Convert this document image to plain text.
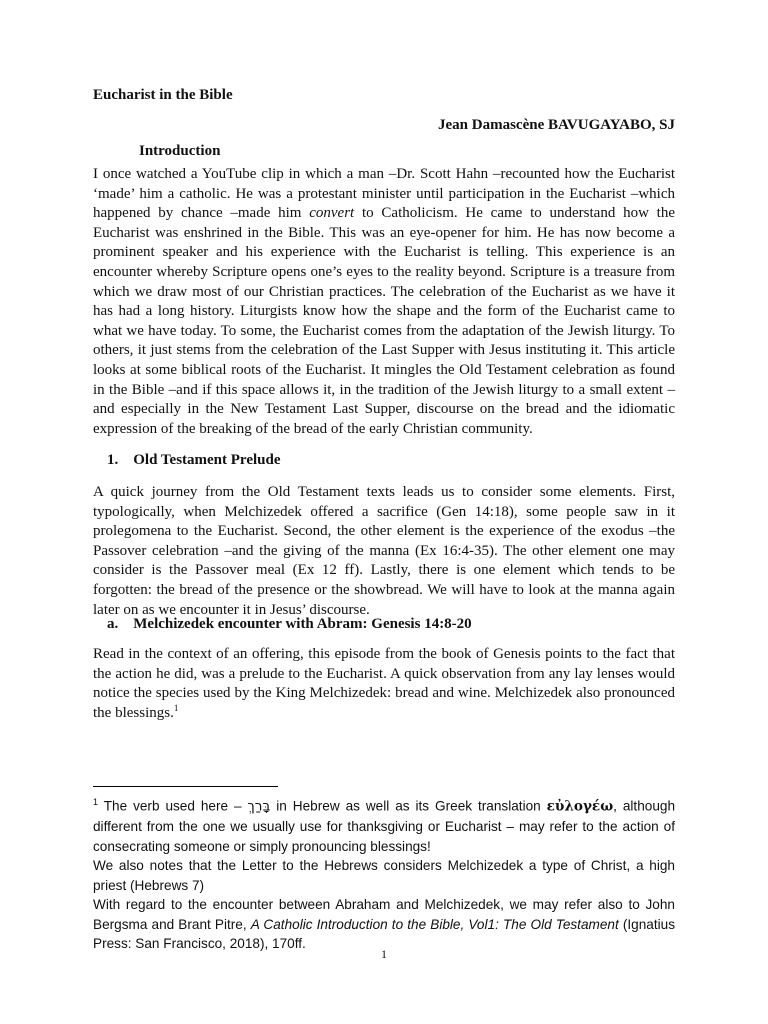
Eucharist in the Bible
Jean Damascène BAVUGAYABO, SJ
Introduction
I once watched a YouTube clip in which a man –Dr. Scott Hahn –recounted how the Eucharist ‘made’ him a catholic. He was a protestant minister until participation in the Eucharist –which happened by chance –made him convert to Catholicism. He came to understand how the Eucharist was enshrined in the Bible. This was an eye-opener for him. He has now become a prominent speaker and his experience with the Eucharist is telling. This experience is an encounter whereby Scripture opens one’s eyes to the reality beyond. Scripture is a treasure from which we draw most of our Christian practices. The celebration of the Eucharist as we have it has had a long history. Liturgists know how the shape and the form of the Eucharist came to what we have today. To some, the Eucharist comes from the adaptation of the Jewish liturgy. To others, it just stems from the celebration of the Last Supper with Jesus instituting it. This article looks at some biblical roots of the Eucharist. It mingles the Old Testament celebration as found in the Bible –and if this space allows it, in the tradition of the Jewish liturgy to a small extent –and especially in the New Testament Last Supper, discourse on the bread and the idiomatic expression of the breaking of the bread of the early Christian community.
1.    Old Testament Prelude
A quick journey from the Old Testament texts leads us to consider some elements. First, typologically, when Melchizedek offered a sacrifice (Gen 14:18), some people saw in it prolegomena to the Eucharist. Second, the other element is the experience of the exodus –the Passover celebration –and the giving of the manna (Ex 16:4-35). The other element one may consider is the Passover meal (Ex 12 ff). Lastly, there is one element which tends to be forgotten: the bread of the presence or the showbread. We will have to look at the manna again later on as we encounter it in Jesus’ discourse.
a.    Melchizedek encounter with Abram: Genesis 14:8-20
Read in the context of an offering, this episode from the book of Genesis points to the fact that the action he did, was a prelude to the Eucharist. A quick observation from any lay lenses would notice the species used by the King Melchizedek: bread and wine. Melchizedek also pronounced the blessings.$^1$

$^1$ The verb used here – בָּרַךְ in Hebrew as well as its Greek translation εὐλογέω, although different from the one we usually use for thanksgiving or Eucharist – may refer to the action of consecrating someone or simply pronouncing blessings!

We also notes that the Letter to the Hebrews considers Melchizedek a type of Christ, a high priest (Hebrews 7)

With regard to the encounter between Abraham and Melchizedek, we may refer also to John Bergsma and Brant Pitre, A Catholic Introduction to the Bible, Vol1: The Old Testament (Ignatius Press: San Francisco, 2018), 170ff.

1
